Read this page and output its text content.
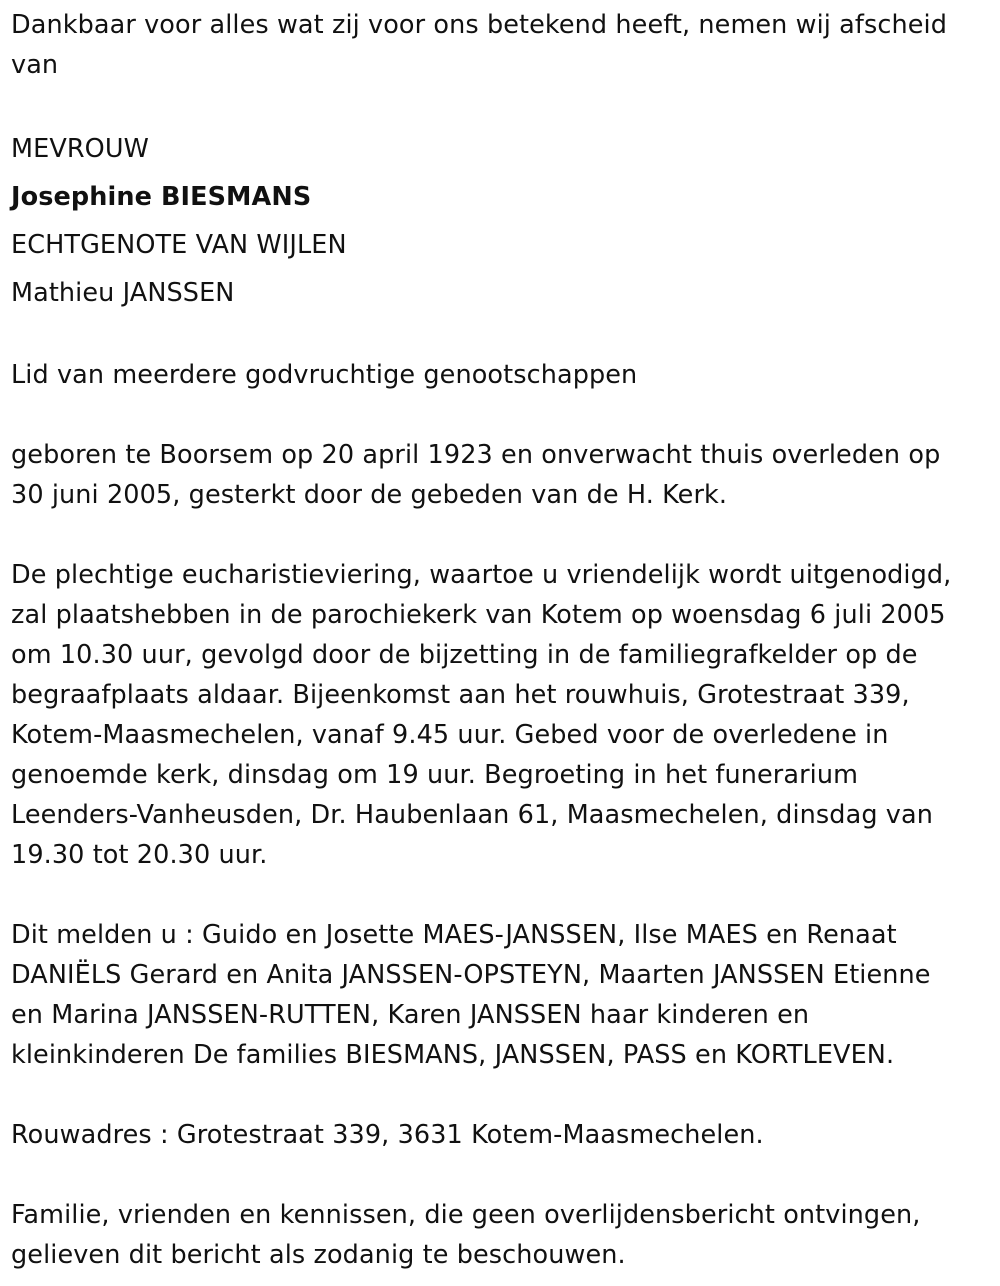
Dankbaar voor alles wat zij voor ons betekend heeft, nemen wij afscheid
van

MEVROUW
Josephine BIESMANS
ECHTGENOTE VAN WIJLEN
Mathieu JANSSEN

Lid van meerdere godvruchtige genootschappen

geboren te Boorsem op 20 april 1923 en onverwacht thuis overleden op
30 juni 2005, gesterkt door de gebeden van de H. Kerk.

De plechtige eucharistieviering, waartoe u vriendelijk wordt uitgenodigd,
zal plaatshebben in de parochiekerk van Kotem op woensdag 6 juli 2005
om 10.30 uur, gevolgd door de bijzetting in de familiegrafkelder op de
begraafplaats aldaar. Bijeenkomst aan het rouwhuis, Grotestraat 339,
Kotem-Maasmechelen, vanaf 9.45 uur. Gebed voor de overledene in
genoemde kerk, dinsdag om 19 uur. Begroeting in het funerarium
Leenders-Vanheusden, Dr. Haubenlaan 61, Maasmechelen, dinsdag van
19.30 tot 20.30 uur.

Dit melden u : Guido en Josette MAES-JANSSEN, Ilse MAES en Renaat
DANIËLS Gerard en Anita JANSSEN-OPSTEYN, Maarten JANSSEN Etienne
en Marina JANSSEN-RUTTEN, Karen JANSSEN haar kinderen en
kleinkinderen De families BIESMANS, JANSSEN, PASS en KORTLEVEN.

Rouwadres : Grotestraat 339, 3631 Kotem-Maasmechelen.

Familie, vrienden en kennissen, die geen overlijdensbericht ontvingen,
gelieven dit bericht als zodanig te beschouwen.
